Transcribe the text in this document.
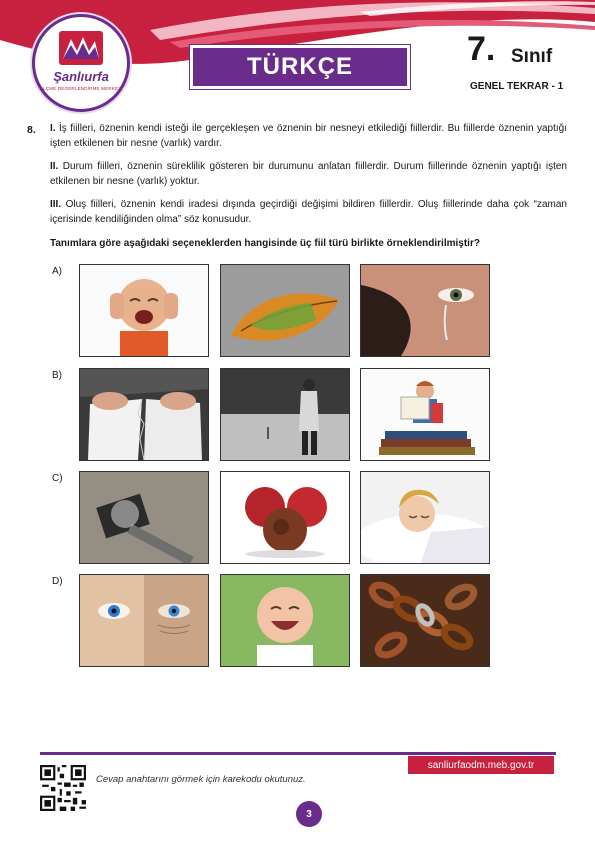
Şanlıurfa
ÖLÇME DEĞERLENDİRME MERKEZİ
TÜRKÇE	7. Sınıf
GENEL TEKRAR - 1
8. I. İş fiilleri, öznenin kendi isteği ile gerçekleşen ve öznenin bir nesneyi etkilediği fiillerdir. Bu fiillerde öznenin yaptığı işten etkilenen bir nesne (varlık) vardır.
II. Durum fiilleri, öznenin süreklilik gösteren bir durumunu anlatan fiillerdir. Durum fiillerinde öznenin yaptığı işten etkilenen bir nesne (varlık) yoktur.
III. Oluş fiilleri, öznenin kendi iradesi dışında geçirdiği değişimi bildiren fiillerdir. Oluş fiillerinde daha çok “zaman içerisinde kendiliğinden olma” söz konusudur.
Tanımlara göre aşağıdaki seçeneklerden hangisinde üç fiil türü birlikte örneklendirilmiştir?
A)
B)
C)
D)
sanliurfaodm.meb.gov.tr
Cevap anahtarını görmek için karekodu okutunuz.
3
